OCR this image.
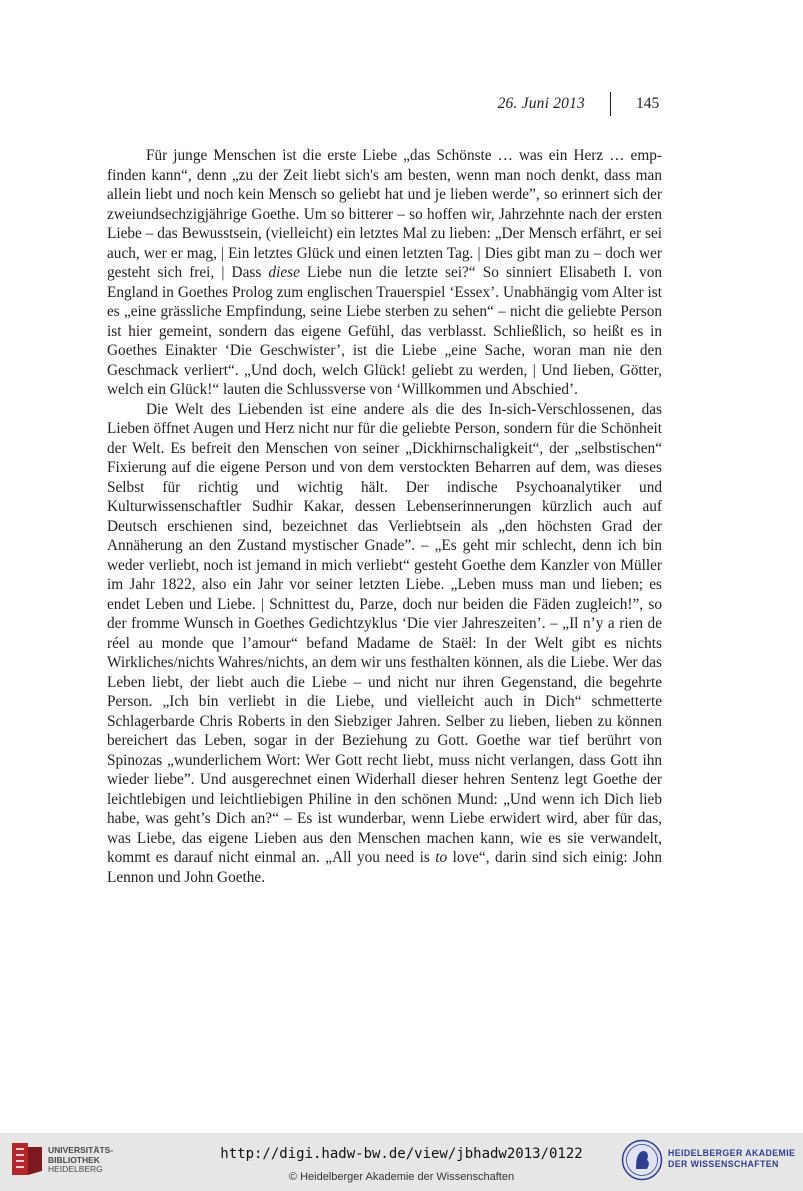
26. Juni 2013	145

Für junge Menschen ist die erste Liebe „das Schönste … was ein Herz … empfinden kann“, denn „zu der Zeit liebt sich's am besten, wenn man noch denkt, dass man allein liebt und noch kein Mensch so geliebt hat und je lieben werde”, so erinnert sich der zweiundsechzigjährige Goethe. Um so bitterer – so hoffen wir, Jahrzehnte nach der ersten Liebe – das Bewusstsein, (vielleicht) ein letztes Mal zu lieben: „Der Mensch erfährt, er sei auch, wer er mag, | Ein letztes Glück und einen letzten Tag. | Dies gibt man zu – doch wer gesteht sich frei, | Dass diese Liebe nun die letzte sei?“ So sinniert Elisabeth I. von England in Goethes Prolog zum englischen Trauerspiel ‘Essex’. Unabhängig vom Alter ist es „eine grässliche Empfindung, seine Liebe sterben zu sehen“ – nicht die geliebte Person ist hier gemeint, sondern das eigene Gefühl, das verblasst. Schließlich, so heißt es in Goethes Einakter ‘Die Geschwister’, ist die Liebe „eine Sache, woran man nie den Geschmack verliert“. „Und doch, welch Glück! geliebt zu werden, | Und lieben, Götter, welch ein Glück!“ lauten die Schlussverse von ‘Willkommen und Abschied’.

Die Welt des Liebenden ist eine andere als die des In-sich-Verschlossenen, das Lieben öffnet Augen und Herz nicht nur für die geliebte Person, sondern für die Schönheit der Welt. Es befreit den Menschen von seiner „Dickhirnschaligkeit“, der „selbstischen“ Fixierung auf die eigene Person und von dem verstockten Beharren auf dem, was dieses Selbst für richtig und wichtig hält. Der indische Psychoanalytiker und Kulturwissenschaftler Sudhir Kakar, dessen Lebenserinnerungen kürzlich auch auf Deutsch erschienen sind, bezeichnet das Verliebtsein als „den höchsten Grad der Annäherung an den Zustand mystischer Gnade”. – „Es geht mir schlecht, denn ich bin weder verliebt, noch ist jemand in mich verliebt“ gesteht Goethe dem Kanzler von Müller im Jahr 1822, also ein Jahr vor seiner letzten Liebe. „Leben muss man und lieben; es endet Leben und Liebe. | Schnittest du, Parze, doch nur beiden die Fäden zugleich!”, so der fromme Wunsch in Goethes Gedichtzyklus ‘Die vier Jahreszeiten’. – „Il n’y a rien de réel au monde que l’amour“ befand Madame de Staël: In der Welt gibt es nichts Wirkliches/nichts Wahres/nichts, an dem wir uns festhalten können, als die Liebe. Wer das Leben liebt, der liebt auch die Liebe – und nicht nur ihren Gegenstand, die begehrte Person. „Ich bin verliebt in die Liebe, und vielleicht auch in Dich“ schmetterte Schlagerbarde Chris Roberts in den Siebziger Jahren. Selber zu lieben, lieben zu können bereichert das Leben, sogar in der Beziehung zu Gott. Goethe war tief berührt von Spinozas „wunderlichem Wort: Wer Gott recht liebt, muss nicht verlangen, dass Gott ihn wieder liebe”. Und ausgerechnet einen Widerhall dieser hehren Sentenz legt Goethe der leichtlebigen und leichtliebigen Philine in den schönen Mund: „Und wenn ich Dich lieb habe, was geht’s Dich an?“ – Es ist wunderbar, wenn Liebe erwidert wird, aber für das, was Liebe, das eigene Lieben aus den Menschen machen kann, wie es sie verwandelt, kommt es darauf nicht einmal an. „All you need is to love“, darin sind sich einig: John Lennon und John Goethe.

UNIVERSITÄTS-
BIBLIOTHEK
HEIDELBERG
http://digi.hadw-bw.de/view/jbhadw2013/0122
© Heidelberger Akademie der Wissenschaften
HEIDELBERGER AKADEMIE
DER WISSENSCHAFTEN
